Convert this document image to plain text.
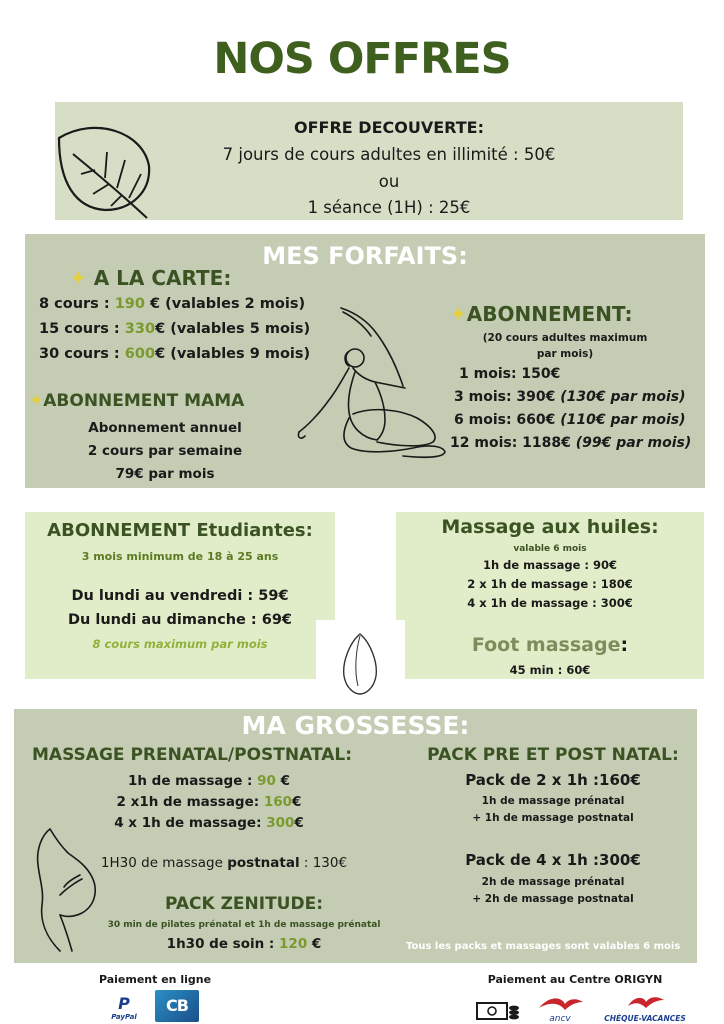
NOS OFFRES
OFFRE DECOUVERTE:
7 jours de cours adultes en illimité : 50€
ou
1 séance (1H) : 25€
MES FORFAITS:
✦ A LA CARTE:
8 cours : 190 € (valables 2 mois)
15 cours : 330€ (valables 5 mois)
30 cours : 600€ (valables 9 mois)
✦ABONNEMENT MAMA
Abonnement annuel
2 cours par semaine
79€ par mois
✦ABONNEMENT:
(20 cours adultes maximum
par mois)
1 mois: 150€
3 mois: 390€ (130€ par mois)
6 mois: 660€ (110€ par mois)
12 mois: 1188€ (99€ par mois)
ABONNEMENT Etudiantes:
3 mois minimum de 18 à 25 ans
Du lundi au vendredi : 59€
Du lundi au dimanche : 69€
8 cours maximum par mois
Massage aux huiles:
valable 6 mois
1h de massage : 90€
2 x 1h de massage : 180€
4 x 1h de massage : 300€
Foot massage:
45 min : 60€
MA GROSSESSE:
MASSAGE PRENATAL/POSTNATAL:
1h de massage : 90 €
2 x1h de massage: 160€
4 x 1h de massage: 300€
1H30 de massage postnatal : 130€
PACK ZENITUDE:
30 min de pilates prénatal et 1h de massage prénatal
1h30 de soin : 120 €
PACK PRE ET POST NATAL:
Pack de 2 x 1h :160€
1h de massage prénatal
+ 1h de massage postnatal
Pack de 4 x 1h :300€
2h de massage prénatal
+ 2h de massage postnatal
Tous les packs et massages sont valables 6 mois
Paiement en ligne
P
PayPal
CB
Paiement au Centre ORIGYN
ancv	CHÈQUE-VACANCES
